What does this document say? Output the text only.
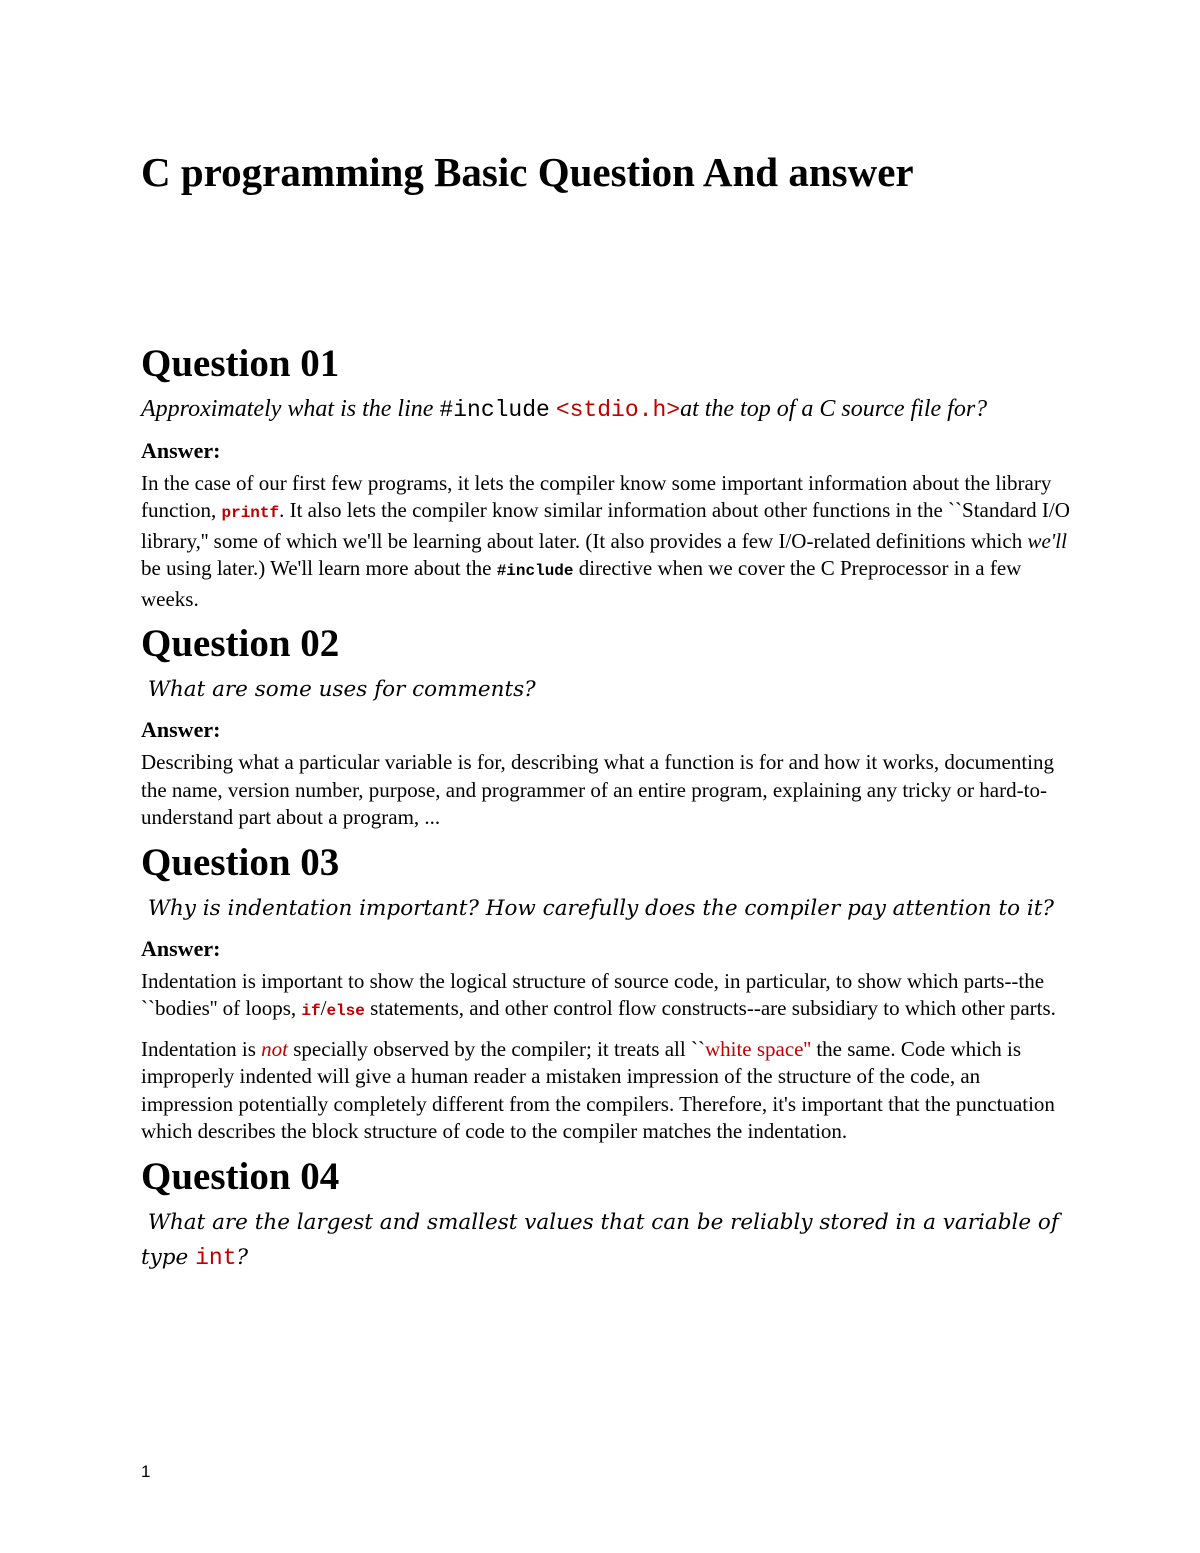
C programming Basic Question And answer
Question 01

Approximately what is the line #include <stdio.h>at the top of a C source file for?

Answer:

In the case of our first few programs, it lets the compiler know some important information about the library function, printf. It also lets the compiler know similar information about other functions in the ``Standard I/O library,'' some of which we'll be learning about later. (It also provides a few I/O-related definitions which we'll be using later.) We'll learn more about the #include directive when we cover the C Preprocessor in a few weeks.

Question 02

What are some uses for comments?

Answer:

Describing what a particular variable is for, describing what a function is for and how it works, documenting the name, version number, purpose, and programmer of an entire program, explaining any tricky or hard-to-understand part about a program, ...

Question 03

Why is indentation important? How carefully does the compiler pay attention to it?

Answer:

Indentation is important to show the logical structure of source code, in particular, to show which parts--the ``bodies'' of loops, if/else statements, and other control flow constructs--are subsidiary to which other parts.

Indentation is not specially observed by the compiler; it treats all ``white space'' the same. Code which is improperly indented will give a human reader a mistaken impression of the structure of the code, an impression potentially completely different from the compilers. Therefore, it's important that the punctuation which describes the block structure of code to the compiler matches the indentation.

Question 04

What are the largest and smallest values that can be reliably stored in a variable of type int?

1
